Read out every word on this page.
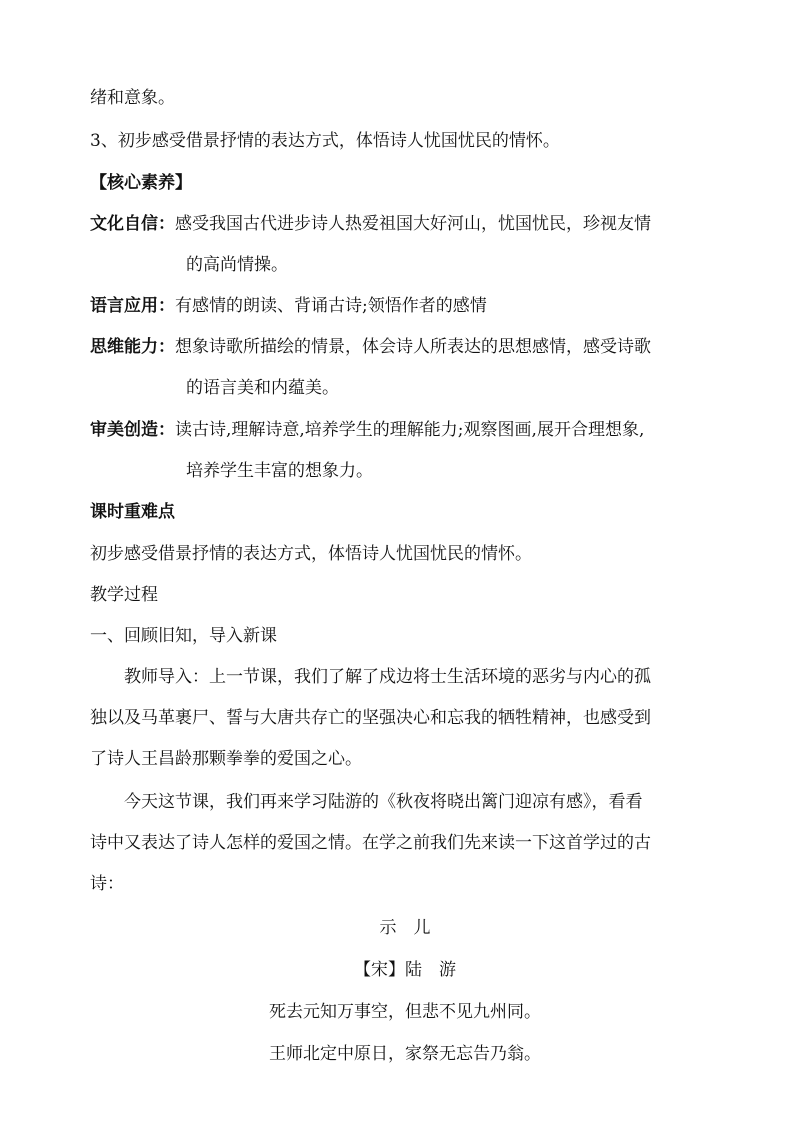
绪和意象。
3、初步感受借景抒情的表达方式，体悟诗人忧国忧民的情怀。
【核心素养】
文化自信：感受我国古代进步诗人热爱祖国大好河山，忧国忧民，珍视友情
的高尚情操。
语言应用：有感情的朗读、背诵古诗;领悟作者的感情
思维能力：想象诗歌所描绘的情景，体会诗人所表达的思想感情，感受诗歌
的语言美和内蕴美。
审美创造：读古诗,理解诗意,培养学生的理解能力;观察图画,展开合理想象,
培养学生丰富的想象力。
课时重难点
初步感受借景抒情的表达方式，体悟诗人忧国忧民的情怀。
教学过程
一、回顾旧知，导入新课
教师导入：上一节课，我们了解了戍边将士生活环境的恶劣与内心的孤
独以及马革裹尸、誓与大唐共存亡的坚强决心和忘我的牺牲精神，也感受到
了诗人王昌龄那颗拳拳的爱国之心。
今天这节课，我们再来学习陆游的《秋夜将晓出篱门迎凉有感》，看看
诗中又表达了诗人怎样的爱国之情。在学之前我们先来读一下这首学过的古
诗：
示　儿
【宋】陆　游
死去元知万事空，但悲不见九州同。
王师北定中原日，家祭无忘告乃翁。
